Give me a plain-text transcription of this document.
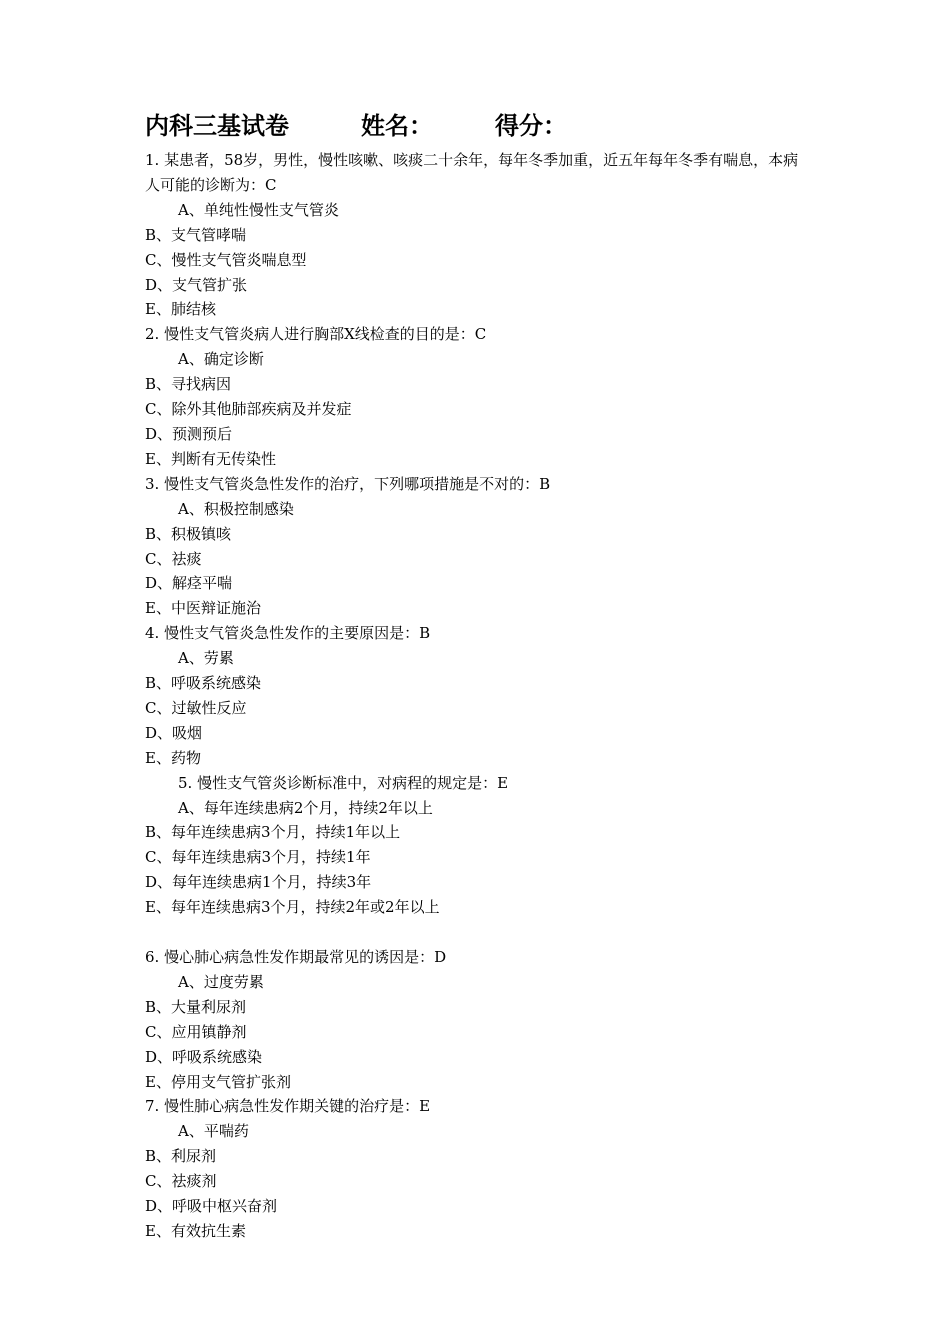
内科三基试卷	姓名：	得分：
1. 某患者，58岁，男性，慢性咳嗽、咳痰二十余年，每年冬季加重，近五年每年冬季有喘息，本病人可能的诊断为：C
A、单纯性慢性支气管炎
B、支气管哮喘
C、慢性支气管炎喘息型
D、支气管扩张
E、肺结核
2. 慢性支气管炎病人进行胸部X线检查的目的是：C
A、确定诊断
B、寻找病因
C、除外其他肺部疾病及并发症
D、预测预后
E、判断有无传染性
3. 慢性支气管炎急性发作的治疗，下列哪项措施是不对的：B
A、积极控制感染
B、积极镇咳
C、祛痰
D、解痉平喘
E、中医辩证施治
4. 慢性支气管炎急性发作的主要原因是：B
A、劳累
B、呼吸系统感染
C、过敏性反应
D、吸烟
E、药物
5. 慢性支气管炎诊断标准中，对病程的规定是：E
A、每年连续患病2个月，持续2年以上
B、每年连续患病3个月，持续1年以上
C、每年连续患病3个月，持续1年
D、每年连续患病1个月，持续3年
E、每年连续患病3个月，持续2年或2年以上
6. 慢心肺心病急性发作期最常见的诱因是：D
A、过度劳累
B、大量利尿剂
C、应用镇静剂
D、呼吸系统感染
E、停用支气管扩张剂
7. 慢性肺心病急性发作期关键的治疗是：E
A、平喘药
B、利尿剂
C、祛痰剂
D、呼吸中枢兴奋剂
E、有效抗生素
